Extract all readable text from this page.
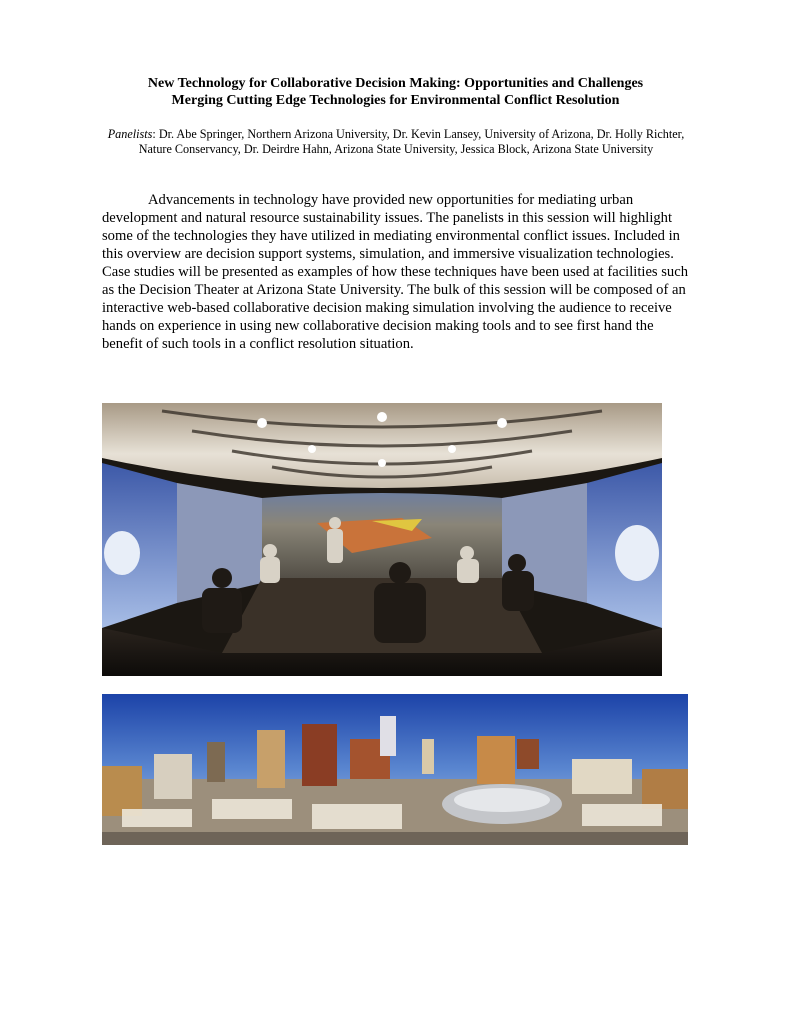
New Technology for Collaborative Decision Making: Opportunities and Challenges
Merging Cutting Edge Technologies for Environmental Conflict Resolution
Panelists: Dr. Abe Springer, Northern Arizona University, Dr. Kevin Lansey, University of Arizona, Dr. Holly Richter, Nature Conservancy, Dr. Deirdre Hahn, Arizona State University, Jessica Block, Arizona State University

Advancements in technology have provided new opportunities for mediating urban development and natural resource sustainability issues. The panelists in this session will highlight some of the technologies they have utilized in mediating environmental conflict issues. Included in this overview are decision support systems, simulation, and immersive visualization technologies. Case studies will be presented as examples of how these techniques have been used at facilities such as the Decision Theater at Arizona State University. The bulk of this session will be composed of an interactive web-based collaborative decision making simulation involving the audience to receive hands on experience in using new collaborative decision making tools and to see first hand the benefit of such tools in a conflict resolution situation.
